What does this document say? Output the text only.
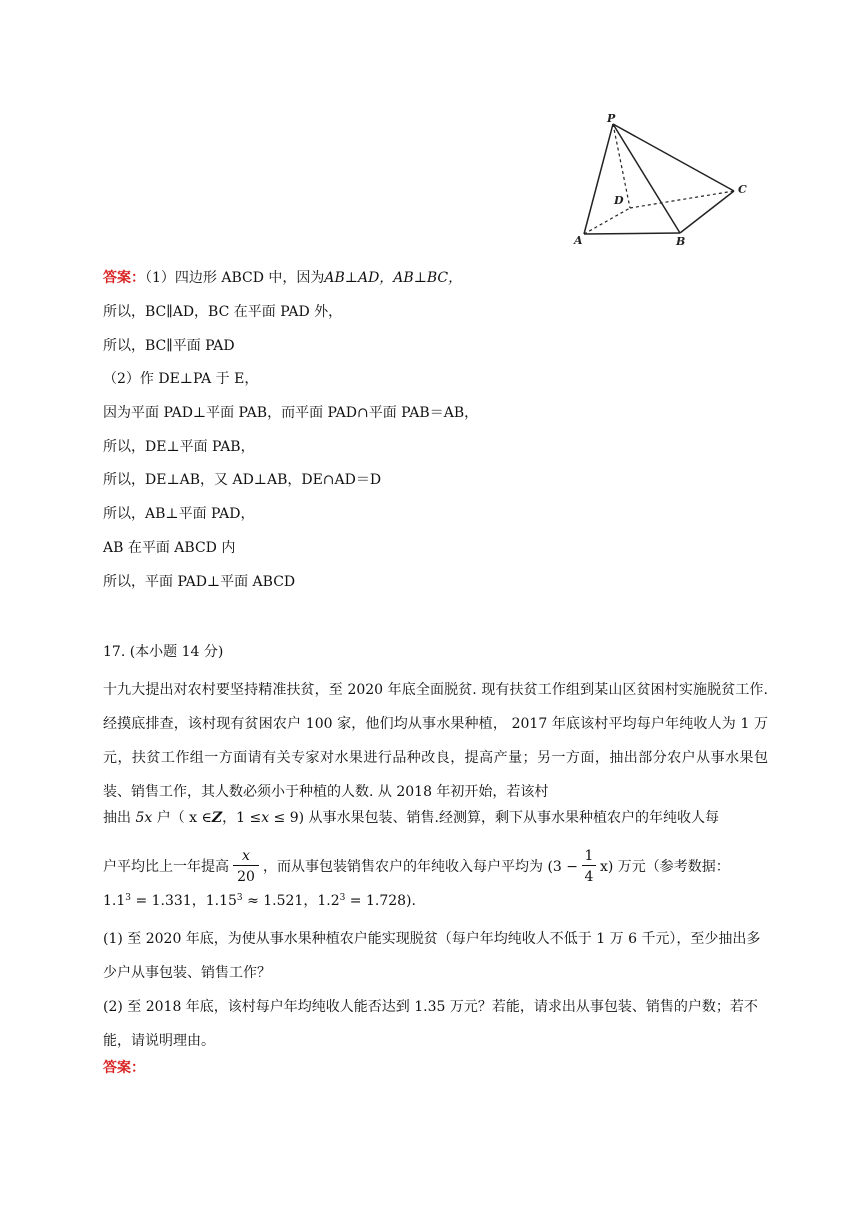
P
D
C
A	B
答案：（1）四边形 ABCD 中，因为AB⊥AD，AB⊥BC，
所以，BC∥AD，BC 在平面 PAD 外，
所以，BC∥平面 PAD
（2）作 DE⊥PA 于 E，
因为平面 PAD⊥平面 PAB，而平面 PAD∩平面 PAB＝AB，
所以，DE⊥平面 PAB，
所以，DE⊥AB，又 AD⊥AB，DE∩AD＝D
所以，AB⊥平面 PAD，
AB 在平面 ABCD 内
所以，平面 PAD⊥平面 ABCD
17. (本小题 14 分)
十九大提出对农村要坚持精准扶贫，至 2020 年底全面脱贫. 现有扶贫工作组到某山区贫困村实施脱贫工作. 经摸底排查，该村现有贫困农户 100 家，他们均从事水果种植， 2017 年底该村平均每户年纯收人为 1 万元，扶贫工作组一方面请有关专家对水果进行品种改良，提高产量；另一方面，抽出部分农户从事水果包装、销售工作，其人数必须小于种植的人数. 从 2018 年初开始，若该村
抽出 5x 户（ x ∈Z，1 ≤x ≤ 9) 从事水果包装、销售.经测算，剩下从事水果种植农户的年纯收人每
户平均比上一年提高 $\frac{x}{20}$ ，而从事包装销售农户的年纯收入每户平均为 $(3 - \frac{1}{4} x)$ 万元（参考数据：
$1.1^3 = 1.331$，$1.15^3 \approx 1.521$，$1.2^3 = 1.728$).
(1) 至 2020 年底，为使从事水果种植农户能实现脱贫（每户年均纯收人不低于 1 万 6 千元），至少抽出多少户从事包装、销售工作？
(2) 至 2018 年底，该村每户年均纯收人能否达到 1.35 万元？若能，请求出从事包装、销售的户数；若不能，请说明理由。
答案：
